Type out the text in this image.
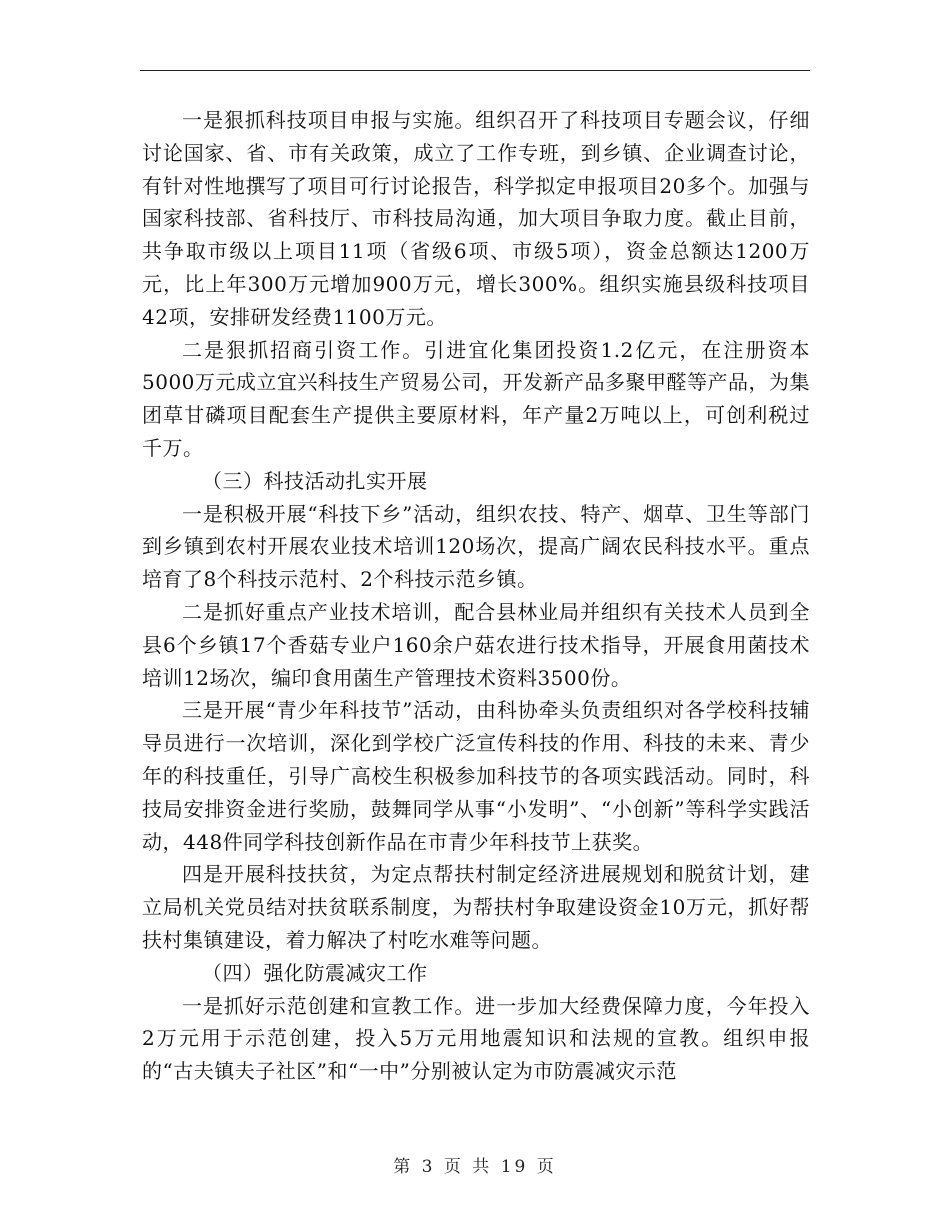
一是狠抓科技项目申报与实施。组织召开了科技项目专题会议，仔细讨论国家、省、市有关政策，成立了工作专班，到乡镇、企业调查讨论，有针对性地撰写了项目可行讨论报告，科学拟定申报项目20多个。加强与国家科技部、省科技厅、市科技局沟通，加大项目争取力度。截止目前，共争取市级以上项目11项（省级6项、市级5项），资金总额达1200万元，比上年300万元增加900万元，增长300%。组织实施县级科技项目42项，安排研发经费1100万元。

二是狠抓招商引资工作。引进宜化集团投资1.2亿元，在注册资本5000万元成立宜兴科技生产贸易公司，开发新产品多聚甲醛等产品，为集团草甘磷项目配套生产提供主要原材料，年产量2万吨以上，可创利税过千万。

（三）科技活动扎实开展

一是积极开展“科技下乡”活动，组织农技、特产、烟草、卫生等部门到乡镇到农村开展农业技术培训120场次，提高广阔农民科技水平。重点培育了8个科技示范村、2个科技示范乡镇。

二是抓好重点产业技术培训，配合县林业局并组织有关技术人员到全县6个乡镇17个香菇专业户160余户菇农进行技术指导，开展食用菌技术培训12场次，编印食用菌生产管理技术资料3500份。

三是开展“青少年科技节”活动，由科协牵头负责组织对各学校科技辅导员进行一次培训，深化到学校广泛宣传科技的作用、科技的未来、青少年的科技重任，引导广高校生积极参加科技节的各项实践活动。同时，科技局安排资金进行奖励，鼓舞同学从事“小发明”、“小创新”等科学实践活动，448件同学科技创新作品在市青少年科技节上获奖。

四是开展科技扶贫，为定点帮扶村制定经济进展规划和脱贫计划，建立局机关党员结对扶贫联系制度，为帮扶村争取建设资金10万元，抓好帮扶村集镇建设，着力解决了村吃水难等问题。

（四）强化防震减灾工作

一是抓好示范创建和宣教工作。进一步加大经费保障力度，今年投入2万元用于示范创建，投入5万元用地震知识和法规的宣教。组织申报的“古夫镇夫子社区”和“一中”分别被认定为市防震减灾示范

第 3 页 共 19 页
